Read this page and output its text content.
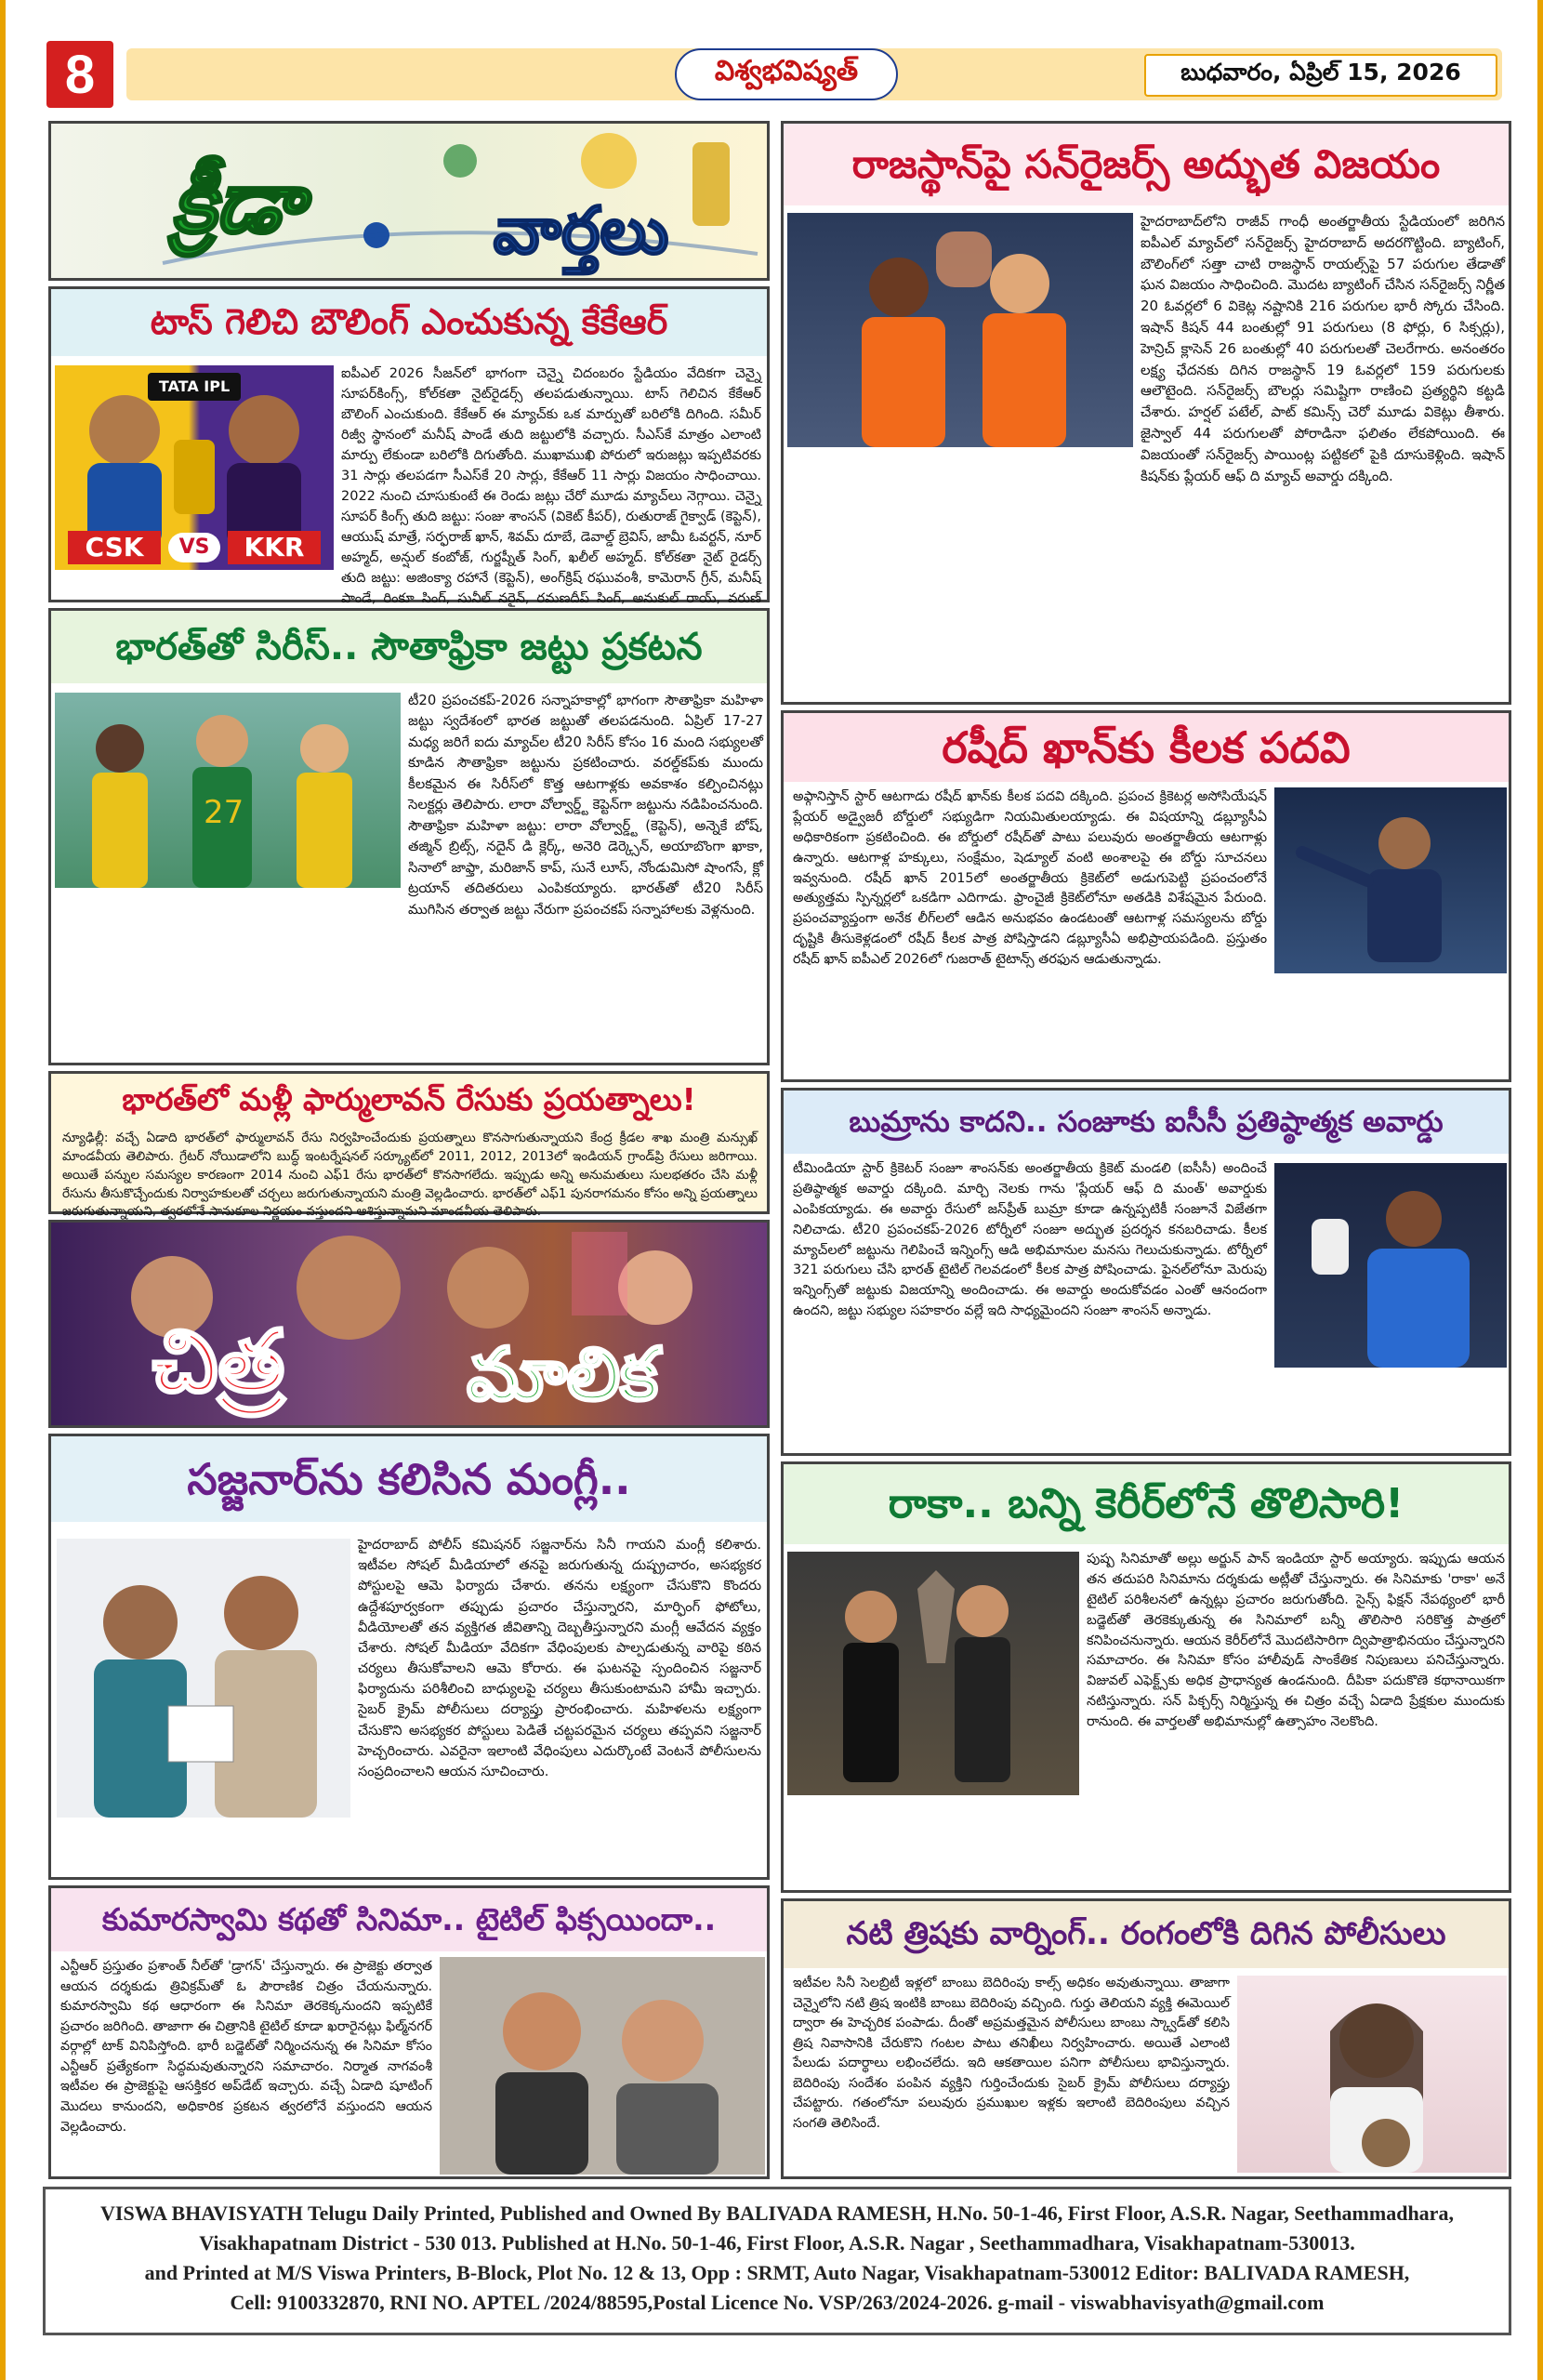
8	విశ్వభవిష్యత్	బుధవారం, ఏప్రిల్ 15, 2026
క్రీడా	వార్తలు
టాస్ గెలిచి బౌలింగ్ ఎంచుకున్న కేకేఆర్
TATA IPL
CSK	VS	KKR
ఐపీఎల్ 2026 సీజన్‌లో భాగంగా చెన్నై చిదంబరం స్టేడియం వేదికగా చెన్నై సూపర్‌కింగ్స్, కోల్‌కతా నైట్‌రైడర్స్ తలపడుతున్నాయి. టాస్ గెలిచిన కేకేఆర్ బౌలింగ్ ఎంచుకుంది. కేకేఆర్ ఈ మ్యాచ్‌కు ఒక మార్పుతో బరిలోకి దిగింది. సమీర్ రిజ్వీ స్థానంలో మనీష్ పాండే తుది జట్టులోకి వచ్చారు. సీఎస్‌కే మాత్రం ఎలాంటి మార్పు లేకుండా బరిలోకి దిగుతోంది. ముఖాముఖి పోరులో ఇరుజట్లు ఇప్పటివరకు 31 సార్లు తలపడగా సీఎస్‌కే 20 సార్లు, కేకేఆర్ 11 సార్లు విజయం సాధించాయి. 2022 నుంచి చూసుకుంటే ఈ రెండు జట్లు చేరో మూడు మ్యాచ్‌లు నెగ్గాయి. చెన్నై సూపర్ కింగ్స్ తుది జట్టు: సంజు శాంసన్ (వికెట్ కీపర్), రుతురాజ్ గైక్వాడ్ (కెప్టెన్), ఆయుష్ మాత్రే, సర్ఫరాజ్ ఖాన్, శివమ్ దూబే, డెవాల్డ్ బ్రెవిస్, జామీ ఓవర్టన్, నూర్ అహ్మద్, అన్షుల్ కంబోజ్, గుర్జప్నీత్ సింగ్, ఖలీల్ అహ్మద్. కోల్‌కతా నైట్ రైడర్స్ తుది జట్టు: అజింక్యా రహానే (కెప్టెన్), అంగ్‌క్రిష్ రఘువంశీ, కామెరాన్ గ్రీన్, మనీష్ పాండే, రింకూ సింగ్, సునీల్ నరైన్, రమణదీప్ సింగ్, అనుకుల్ రాయ్, వరుణ్
భారత్‌తో సిరీస్.. సౌతాఫ్రికా జట్టు ప్రకటన
27
టీ20 ప్రపంచకప్-2026 సన్నాహకాల్లో భాగంగా సౌతాఫ్రికా మహిళా జట్టు స్వదేశంలో భారత జట్టుతో తలపడనుంది. ఏప్రిల్ 17-27 మధ్య జరిగే ఐదు మ్యాచ్‌ల టీ20 సిరీస్ కోసం 16 మంది సభ్యులతో కూడిన సౌతాఫ్రికా జట్టును ప్రకటించారు. వరల్డ్‌కప్‌కు ముందు కీలకమైన ఈ సిరీస్‌లో కొత్త ఆటగాళ్లకు అవకాశం కల్పించినట్లు సెలక్టర్లు తెలిపారు. లారా వోల్వార్డ్ట్ కెప్టెన్‌గా జట్టును నడిపించనుంది. సౌతాఫ్రికా మహిళా జట్టు: లారా వోల్వార్డ్ట్ (కెప్టెన్), అన్నెకే బోష్, తజ్మిన్ బ్రిట్స్, నదైన్ డి క్లెర్క్, అనెరి డెర్క్సెన్, అయాబొంగా ఖాకా, సినాలో జాఫ్తా, మరిజాన్ కాప్, సునే లూస్, నోండుమిసో షాంగసే, క్లో ట్రయాన్ తదితరులు ఎంపికయ్యారు. భారత్‌తో టీ20 సిరీస్ ముగిసిన తర్వాత జట్టు నేరుగా ప్రపంచకప్ సన్నాహాలకు వెళ్లనుంది.
భారత్‌లో మళ్లీ ఫార్ములావన్ రేసుకు ప్రయత్నాలు!
న్యూఢిల్లీ: వచ్చే ఏడాది భారత్‌లో ఫార్ములావన్ రేసు నిర్వహించేందుకు ప్రయత్నాలు కొనసాగుతున్నాయని కేంద్ర క్రీడల శాఖ మంత్రి మన్సుఖ్ మాండవీయ తెలిపారు. గ్రేటర్ నోయిడాలోని బుద్ధ్ ఇంటర్నేషనల్ సర్క్యూట్‌లో 2011, 2012, 2013లో ఇండియన్ గ్రాండ్‌ప్రి రేసులు జరిగాయి. అయితే పన్నుల సమస్యల కారణంగా 2014 నుంచి ఎఫ్1 రేసు భారత్‌లో కొనసాగలేదు. ఇప్పుడు అన్ని అనుమతులు సులభతరం చేసి మళ్లీ రేసును తీసుకొచ్చేందుకు నిర్వాహకులతో చర్చలు జరుగుతున్నాయని మంత్రి వెల్లడించారు. భారత్‌లో ఎఫ్1 పునరాగమనం కోసం అన్ని ప్రయత్నాలు జరుగుతున్నాయని, త్వరలోనే సానుకూల నిర్ణయం వస్తుందని ఆశిస్తున్నామని మాండవీయ తెలిపారు.
చిత్ర	మాలిక
సజ్జనార్‌ను కలిసిన మంగ్లీ..
హైదరాబాద్ పోలీస్ కమిషనర్ సజ్జనార్‌ను సినీ గాయని మంగ్లీ కలిశారు. ఇటీవల సోషల్ మీడియాలో తనపై జరుగుతున్న దుష్ప్రచారం, అసభ్యకర పోస్టులపై ఆమె ఫిర్యాదు చేశారు. తనను లక్ష్యంగా చేసుకొని కొందరు ఉద్దేశపూర్వకంగా తప్పుడు ప్రచారం చేస్తున్నారని, మార్ఫింగ్ ఫోటోలు, వీడియోలతో తన వ్యక్తిగత జీవితాన్ని దెబ్బతీస్తున్నారని మంగ్లీ ఆవేదన వ్యక్తం చేశారు. సోషల్ మీడియా వేదికగా వేధింపులకు పాల్పడుతున్న వారిపై కఠిన చర్యలు తీసుకోవాలని ఆమె కోరారు. ఈ ఘటనపై స్పందించిన సజ్జనార్ ఫిర్యాదును పరిశీలించి బాధ్యులపై చర్యలు తీసుకుంటామని హామీ ఇచ్చారు. సైబర్ క్రైమ్ పోలీసులు దర్యాప్తు ప్రారంభించారు. మహిళలను లక్ష్యంగా చేసుకొని అసభ్యకర పోస్టులు పెడితే చట్టపరమైన చర్యలు తప్పవని సజ్జనార్ హెచ్చరించారు. ఎవరైనా ఇలాంటి వేధింపులు ఎదుర్కొంటే వెంటనే పోలీసులను సంప్రదించాలని ఆయన సూచించారు.
కుమారస్వామి కథతో సినిమా.. టైటిల్ ఫిక్సయిందా..
ఎన్టీఆర్ ప్రస్తుతం ప్రశాంత్ నీల్‌తో 'డ్రాగన్' చేస్తున్నారు. ఈ ప్రాజెక్టు తర్వాత ఆయన దర్శకుడు త్రివిక్రమ్‌తో ఓ పౌరాణిక చిత్రం చేయనున్నారు. కుమారస్వామి కథ ఆధారంగా ఈ సినిమా తెరకెక్కనుందని ఇప్పటికే ప్రచారం జరిగింది. తాజాగా ఈ చిత్రానికి టైటిల్ కూడా ఖరారైనట్లు ఫిల్మ్‌నగర్ వర్గాల్లో టాక్ వినిపిస్తోంది. భారీ బడ్జెట్‌తో నిర్మించనున్న ఈ సినిమా కోసం ఎన్టీఆర్ ప్రత్యేకంగా సిద్ధమవుతున్నారని సమాచారం. నిర్మాత నాగవంశీ ఇటీవల ఈ ప్రాజెక్టుపై ఆసక్తికర అప్‌డేట్ ఇచ్చారు. వచ్చే ఏడాది షూటింగ్ మొదలు కానుందని, అధికారిక ప్రకటన త్వరలోనే వస్తుందని ఆయన వెల్లడించారు.
రాజస్థాన్‌పై సన్‌రైజర్స్ అద్భుత విజయం
హైదరాబాద్‌లోని రాజీవ్ గాంధీ అంతర్జాతీయ స్టేడియంలో జరిగిన ఐపీఎల్ మ్యాచ్‌లో సన్‌రైజర్స్ హైదరాబాద్ అదరగొట్టింది. బ్యాటింగ్, బౌలింగ్‌లో సత్తా చాటి రాజస్థాన్ రాయల్స్‌పై 57 పరుగుల తేడాతో ఘన విజయం సాధించింది. మొదట బ్యాటింగ్ చేసిన సన్‌రైజర్స్ నిర్ణీత 20 ఓవర్లలో 6 వికెట్ల నష్టానికి 216 పరుగుల భారీ స్కోరు చేసింది. ఇషాన్ కిషన్ 44 బంతుల్లో 91 పరుగులు (8 ఫోర్లు, 6 సిక్సర్లు), హెన్రిచ్ క్లాసెన్ 26 బంతుల్లో 40 పరుగులతో చెలరేగారు. అనంతరం లక్ష్య ఛేదనకు దిగిన రాజస్థాన్ 19 ఓవర్లలో 159 పరుగులకు ఆలౌటైంది. సన్‌రైజర్స్ బౌలర్లు సమిష్టిగా రాణించి ప్రత్యర్థిని కట్టడి చేశారు. హర్షల్ పటేల్, పాట్ కమిన్స్ చెరో మూడు వికెట్లు తీశారు. జైస్వాల్ 44 పరుగులతో పోరాడినా ఫలితం లేకపోయింది. ఈ విజయంతో సన్‌రైజర్స్ పాయింట్ల పట్టికలో పైకి దూసుకెళ్లింది. ఇషాన్ కిషన్‌కు ప్లేయర్ ఆఫ్ ది మ్యాచ్ అవార్డు దక్కింది.
రషీద్ ఖాన్‌కు కీలక పదవి
అఫ్గానిస్తాన్ స్టార్ ఆటగాడు రషీద్ ఖాన్‌కు కీలక పదవి దక్కింది. ప్రపంచ క్రికెటర్ల అసోసియేషన్ ప్లేయర్ అడ్వైజరీ బోర్డులో సభ్యుడిగా నియమితులయ్యాడు. ఈ విషయాన్ని డబ్ల్యూసీఏ అధికారికంగా ప్రకటించింది. ఈ బోర్డులో రషీద్‌తో పాటు పలువురు అంతర్జాతీయ ఆటగాళ్లు ఉన్నారు. ఆటగాళ్ల హక్కులు, సంక్షేమం, షెడ్యూల్ వంటి అంశాలపై ఈ బోర్డు సూచనలు ఇవ్వనుంది. రషీద్ ఖాన్ 2015లో అంతర్జాతీయ క్రికెట్‌లో అడుగుపెట్టి ప్రపంచంలోనే అత్యుత్తమ స్పిన్నర్లలో ఒకడిగా ఎదిగాడు. ఫ్రాంచైజీ క్రికెట్‌లోనూ అతడికి విశేషమైన పేరుంది. ప్రపంచవ్యాప్తంగా అనేక లీగ్‌లలో ఆడిన అనుభవం ఉండటంతో ఆటగాళ్ల సమస్యలను బోర్డు దృష్టికి తీసుకెళ్లడంలో రషీద్ కీలక పాత్ర పోషిస్తాడని డబ్ల్యూసీఏ అభిప్రాయపడింది. ప్రస్తుతం రషీద్ ఖాన్ ఐపీఎల్ 2026లో గుజరాత్ టైటాన్స్ తరఫున ఆడుతున్నాడు.
బుమ్రాను కాదని.. సంజూకు ఐసీసీ ప్రతిష్ఠాత్మక అవార్డు
టీమిండియా స్టార్ క్రికెటర్ సంజూ శాంసన్‌కు అంతర్జాతీయ క్రికెట్ మండలి (ఐసీసీ) అందించే ప్రతిష్ఠాత్మక అవార్డు దక్కింది. మార్చి నెలకు గాను 'ప్లేయర్ ఆఫ్ ది మంత్' అవార్డుకు ఎంపికయ్యాడు. ఈ అవార్డు రేసులో జస్‌ప్రీత్ బుమ్రా కూడా ఉన్నప్పటికీ సంజూనే విజేతగా నిలిచాడు. టీ20 ప్రపంచకప్-2026 టోర్నీలో సంజూ అద్భుత ప్రదర్శన కనబరిచాడు. కీలక మ్యాచ్‌లలో జట్టును గెలిపించే ఇన్నింగ్స్ ఆడి అభిమానుల మనసు గెలుచుకున్నాడు. టోర్నీలో 321 పరుగులు చేసి భారత్ టైటిల్ గెలవడంలో కీలక పాత్ర పోషించాడు. ఫైనల్‌లోనూ మెరుపు ఇన్నింగ్స్‌తో జట్టుకు విజయాన్ని అందించాడు. ఈ అవార్డు అందుకోవడం ఎంతో ఆనందంగా ఉందని, జట్టు సభ్యుల సహకారం వల్లే ఇది సాధ్యమైందని సంజూ శాంసన్ అన్నాడు.
రాకా.. బన్ని కెరీర్‌లోనే తొలిసారి!
పుష్ప సినిమాతో అల్లు అర్జున్ పాన్ ఇండియా స్టార్ అయ్యారు. ఇప్పుడు ఆయన తన తదుపరి సినిమాను దర్శకుడు అట్లీతో చేస్తున్నారు. ఈ సినిమాకు 'రాకా' అనే టైటిల్ పరిశీలనలో ఉన్నట్లు ప్రచారం జరుగుతోంది. సైన్స్ ఫిక్షన్ నేపథ్యంలో భారీ బడ్జెట్‌తో తెరకెక్కుతున్న ఈ సినిమాలో బన్నీ తొలిసారి సరికొత్త పాత్రలో కనిపించనున్నారు. ఆయన కెరీర్‌లోనే మొదటిసారిగా ద్విపాత్రాభినయం చేస్తున్నారని సమాచారం. ఈ సినిమా కోసం హాలీవుడ్ సాంకేతిక నిపుణులు పనిచేస్తున్నారు. విజువల్ ఎఫెక్ట్స్‌కు అధిక ప్రాధాన్యత ఉండనుంది. దీపికా పదుకొణె కథానాయికగా నటిస్తున్నారు. సన్ పిక్చర్స్ నిర్మిస్తున్న ఈ చిత్రం వచ్చే ఏడాది ప్రేక్షకుల ముందుకు రానుంది. ఈ వార్తలతో అభిమానుల్లో ఉత్సాహం నెలకొంది.
నటి త్రిషకు వార్నింగ్.. రంగంలోకి దిగిన పోలీసులు
ఇటీవల సినీ సెలబ్రిటీ ఇళ్లలో బాంబు బెదిరింపు కాల్స్ అధికం అవుతున్నాయి. తాజాగా చెన్నైలోని నటి త్రిష ఇంటికి బాంబు బెదిరింపు వచ్చింది. గుర్తు తెలియని వ్యక్తి ఈమెయిల్ ద్వారా ఈ హెచ్చరిక పంపాడు. దీంతో అప్రమత్తమైన పోలీసులు బాంబు స్క్వాడ్‌తో కలిసి త్రిష నివాసానికి చేరుకొని గంటల పాటు తనిఖీలు నిర్వహించారు. అయితే ఎలాంటి పేలుడు పదార్థాలు లభించలేదు. ఇది ఆకతాయిల పనిగా పోలీసులు భావిస్తున్నారు. బెదిరింపు సందేశం పంపిన వ్యక్తిని గుర్తించేందుకు సైబర్ క్రైమ్ పోలీసులు దర్యాప్తు చేపట్టారు. గతంలోనూ పలువురు ప్రముఖుల ఇళ్లకు ఇలాంటి బెదిరింపులు వచ్చిన సంగతి తెలిసిందే.
VISWA BHAVISYATH Telugu Daily Printed, Published and Owned By BALIVADA RAMESH, H.No. 50-1-46, First Floor, A.S.R. Nagar, Seethammadhara,
Visakhapatnam District - 530 013. Published at H.No. 50-1-46, First Floor, A.S.R. Nagar , Seethammadhara, Visakhapatnam-530013.
and Printed at M/S Viswa Printers, B-Block, Plot No. 12 & 13, Opp : SRMT, Auto Nagar, Visakhapatnam-530012 Editor: BALIVADA RAMESH,
Cell: 9100332870, RNI NO. APTEL /2024/88595,Postal Licence No. VSP/263/2024-2026. g-mail - viswabhavisyath@gmail.com
